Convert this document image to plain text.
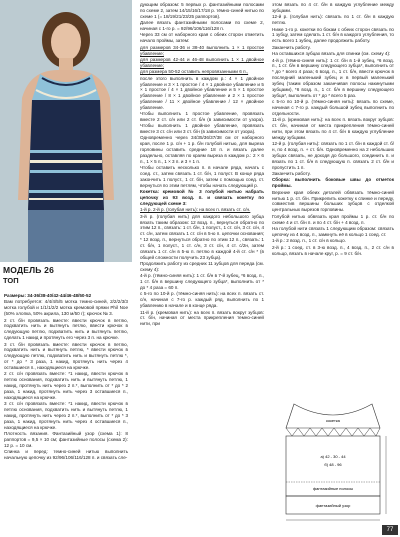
МОДЕЛЬ 26
ТОП

Размеры: 34-36/38-40/42-44/46-48/50-52

Вам потребуется: 4/4/4/5/5 мотка темно-синей, 2/2/2/3/3 мотка голубой и 1/1/1/2/2 мотка кремовой пряжи Phil Noe (50% хлопка, 50% акрила, 130 м/50 г); крючок № 3.

2 ст. б/н провязать вместе: ввести крючок в петлю, подхватить нить и вытянуть петлю, ввести крючок в следующую петлю, подхватить нить и вытянуть петлю, сделать 1 накид и протянуть его через 3 п. на крючке.

3 ст. б/н провязать вместе: ввести крючок в петлю, подхватить нить и вытянуть петлю, * ввести крючок в следующую петлю, подхватить нить и вытянуть петлю *, от * до * 3 раза, 1 накид, протянуть нить через 4 оставшиеся п., находящиеся на крючке.

2 ст. с/н провязать вместе: *1 накид, ввести крючок в петлю основания, подхватить нить и вытянуть петлю, 1 накид, протянуть нить через 2 п.*, выполнить от * до * 2 раза, 1 накид, протянуть нить через 3 оставшиеся п., находящиеся на крючке.

3 ст. с/н провязать вместе: *1 накид, ввести крючок в петлю основания, подхватить нить и вытянуть петлю, 1 накид, протянуть нить через 2 п.*, выполнить от * до * 3 раза, 1 накид, протянуть нить через 4 оставшиеся п., находящиеся на крючке.

Плотность вязания. Фантазийный узор (схема 1): 8 раппортов = 9,5 × 10 см; фантазийные полосы (схема 2): 12 р. = 10 см.

Спинка и перед: темно-синей нитью выполнить начальную цепочку из 92/96/106/116/128 п. и связать сле-

дующим образом: 5 первых р. фантазийными полосами по схеме 2, затем 14/15/16/17/18 р. тёмно-синей нитью по схеме 1 (= 18/19/21/23/25 раппортов).

Далее вязать фантазийными полосами по схеме 2, начиная с 1-го р. = 92/96/106/116/128 п.

Через 33 см от наборного края с обеих сторон отметить начало проймы, затем:

для размеров 34-36 и 38-40 выполнить 1 × 1 простое убавление;

для размеров 42-44 и 46-48 выполнить 1 × 1 двойное убавление;

для размера 50-52 оставить непровязанными 6 п.,

после этого выполнить в каждом р.: 4 × 1 двойное убавление и 3 × 1 простое / 4 × 1 двойное убавление и 5 × 1 простое / 4 × 1 двойное убавление и 5 × 1 простое убавление / 8 × 1 двойное убавление и 2 × 1 простое убавление / 11 × двойное убавление / 12 × двойное убавление.

Чтобы выполнить 1 простое убавление, провязать вместе 2 ст. с/н или 2 ст. б/н (в зависимости от узора). Чтобы выполнить 1 двойное убавление, провязать вместе 3 ст. с/н или 3 ст. б/н (в зависимости от узора).

Одновременно через 34/35/36/37/38 см от наборного края, после 1 р. с/н + 1 р. б/н голубой нитью, для выреза горловины оставить средние 18 п. и вязать далее раздельно, оставляя по краям выреза в каждом р.: 2 × 6 п., 1 × 5 п., 1 × 3 п. и 3 × 1 п.

Чтобы оставить несколько п. в начале ряда, начать с соед. ст., затем связать 1 ст. б/н, 1 полуст. В конце ряда закончить 1 полуст., 1 ст. б/н, затем с помощью соед. ст. вернуться по этим петлям, чтобы начать следующий р.

Кокетка: кремовой № 3 голубой нитью набрать цепочку из 93 возд. п. и связать кокетку по следующей схеме 3:

1-й р. 2-й р. (голубая нить): на всех п. вязать ст. с/н.

3-й р. (голубая нить) для каждого небольшого зубца вязать таким образом: 12 возд. п., вернуться обратно по этим 12 п., связать: 1 ст. б/н, 1 полуст., 1 ст. с/н, 3 ст. с/н, 4 ст. с/н, затем связать 1 ст. с/н в 5-ю п. цепочки основания; * 12 возд. п., вернуться обратно по этим 12 п., связать: 1 ст. б/н, 1 полуст., 1 ст. с/н, 3 ст. с/н, 4 ст. с/2н, затем связать 1 ст. с/н в 5-ю п. петлю в каждой 4-й ст. с/н * (в общей сложности получить 23 зубца).

Продолжить работу из средних 11 зубцов для переда (см. схему 4):

4-й р. (тёмно-синяя нить): 1 ст. б/н в 7-й зубец, *6 возд. п., 1 ст. б/н в вершину следующего зубца*, выполнить от * до * 4 раза = 60 п.

с 5-го по 10-й р. (тёмно-синяя нить): на всех п. вязать ст. с/н, начиная с 7-го р. каждый ряд, выполнить по 1 убавлению в начале и в конце ряда.

11-й р. (кремовая нить): на всех п. вязать вокруг зубцов: ст. б/н, начиная от места прикрепления темно-синей нити, при

этом вязать по 4 ст. б/н в каждую углубление между зубцами.

12-й р. (голубая нить): связать по 1 ст. б/н в каждую петлю.

Ниже 1-го р. кокетки по бокам с обеих сторон связать по 1 зубцу, затем сделать 1 ст. б/н в каждого углубления, то есть всего 1 зубец, далее продолжить работу.

Заканчить работу.

На оставшихся зубцах вязать для спинки (см. схему 4):

4-й р. (тёмно-синяя нить): 1 ст. б/н в 1-й зубец, *6 возд. п., 1 ст. б/н в вершину следующего зубца*, выполнить от * до * всего 4 раза; 6 возд. п., 1 ст. б/н, ввести крючок в последний маленький зубец и в первый маленький зубец (таким образом заканчивая полосы накинутыми зубцами), *6 возд. п., 1 ст. б/н в вершину следующего зубца*, выполнить от * до * всего 5 раз.

с 5-го по 10-й р. (тёмно-синяя нить): вязать по схеме, начиная с 7-го р. каждый большой зубец выполнить по отдельности.

11-й р. (кремовая нить): на всех п. вязать вокруг зубцов: ст. б/н, начиная от места прикрепления тёмно-синей нити, при этом вязать по 4 ст. б/н в каждую углубление между зубцами.

12-й р. (голубая нить): связать по 1 ст. б/н в каждой ст. б/н, по 4 возд. п. + ст. б/н. Одновременно на 2 небольших зубцах связать, не доходя до большого, соединить п. и вязать по 1 ст. б/н в следующую п. связать 2 ст. б/н и пропустить 1 п.

Заканчить работу.

Сборка: выполнить боковые швы до отметок проймы.

Верхние края обеих деталей обвязать тёмно-синей нитью 1 р. ст. б/н. Прикрепить кокетку к спинке и переду, совместив вершины больших зубцов с отделкой центральных вырезов горловины.

Голубой нитью обвязать края проймы 1 р. ст. б/н по схеме 4 и ст. б/н п. и по 4 ст. б/н + 4 возд. п.

На голубой нити связать 1 следующим образом: связать цепочку из 4 возд. п., замкнуть её в кольцо 1 соед. ст.

1-й р.: 2 возд. п., 1 ст. с/н в кольцо.

2-й р.: 1 соед. ст. в 3-ю возд. п., 4 возд. п., 2 ст. с/н в кольцо, вязать в начале круг, р. = 9 ст. б/н.

кокетка
a) 42 - 30 - 44
б) 48 - 96
фантазийные полосы
фантазийный узор
77
